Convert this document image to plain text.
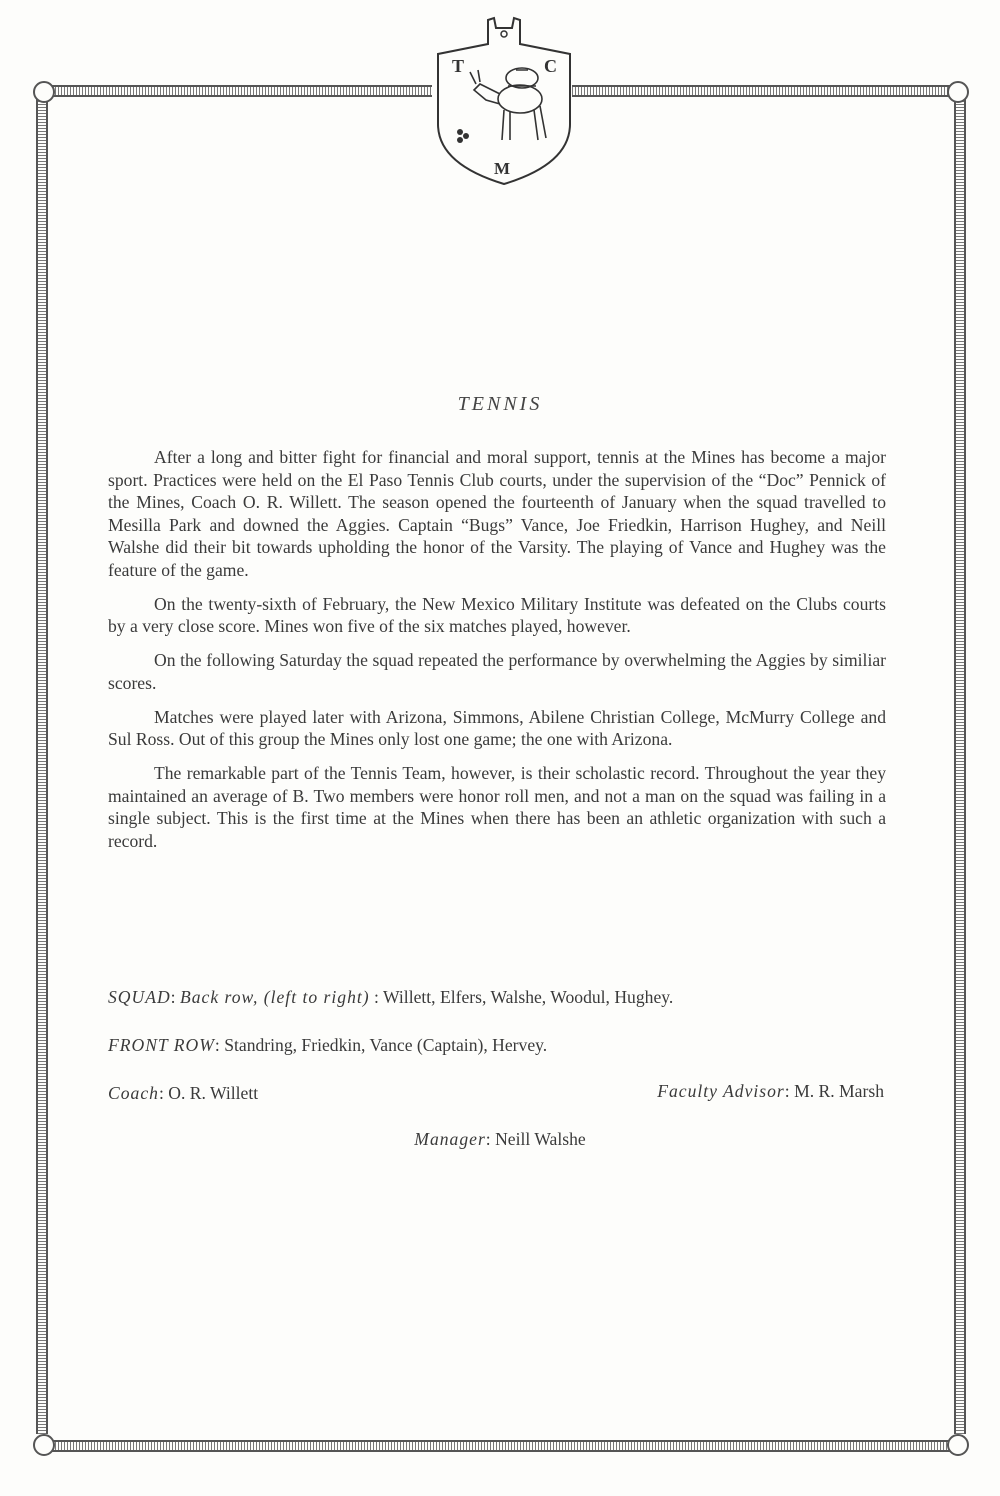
T	C
M
TENNIS

After a long and bitter fight for financial and moral support, tennis at the Mines has become a major sport. Practices were held on the El Paso Tennis Club courts, under the supervision of the “Doc” Pennick of the Mines, Coach O. R. Willett. The season opened the fourteenth of January when the squad travelled to Mesilla Park and downed the Aggies. Captain “Bugs” Vance, Joe Friedkin, Harrison Hughey, and Neill Walshe did their bit towards upholding the honor of the Varsity. The playing of Vance and Hughey was the feature of the game.

On the twenty-sixth of February, the New Mexico Military Institute was defeated on the Clubs courts by a very close score. Mines won five of the six matches played, however.

On the following Saturday the squad repeated the performance by overwhelming the Aggies by similiar scores.

Matches were played later with Arizona, Simmons, Abilene Christian College, McMurry College and Sul Ross. Out of this group the Mines only lost one game; the one with Arizona.

The remarkable part of the Tennis Team, however, is their scholastic record. Throughout the year they maintained an average of B. Two members were honor roll men, and not a man on the squad was failing in a single subject. This is the first time at the Mines when there has been an athletic organization with such a record.

SQUAD: Back row, (left to right) : Willett, Elfers, Walshe, Woodul, Hughey.
FRONT ROW: Standring, Friedkin, Vance (Captain), Hervey.
Coach: O. R. Willett	Faculty Advisor: M. R. Marsh
Manager: Neill Walshe
